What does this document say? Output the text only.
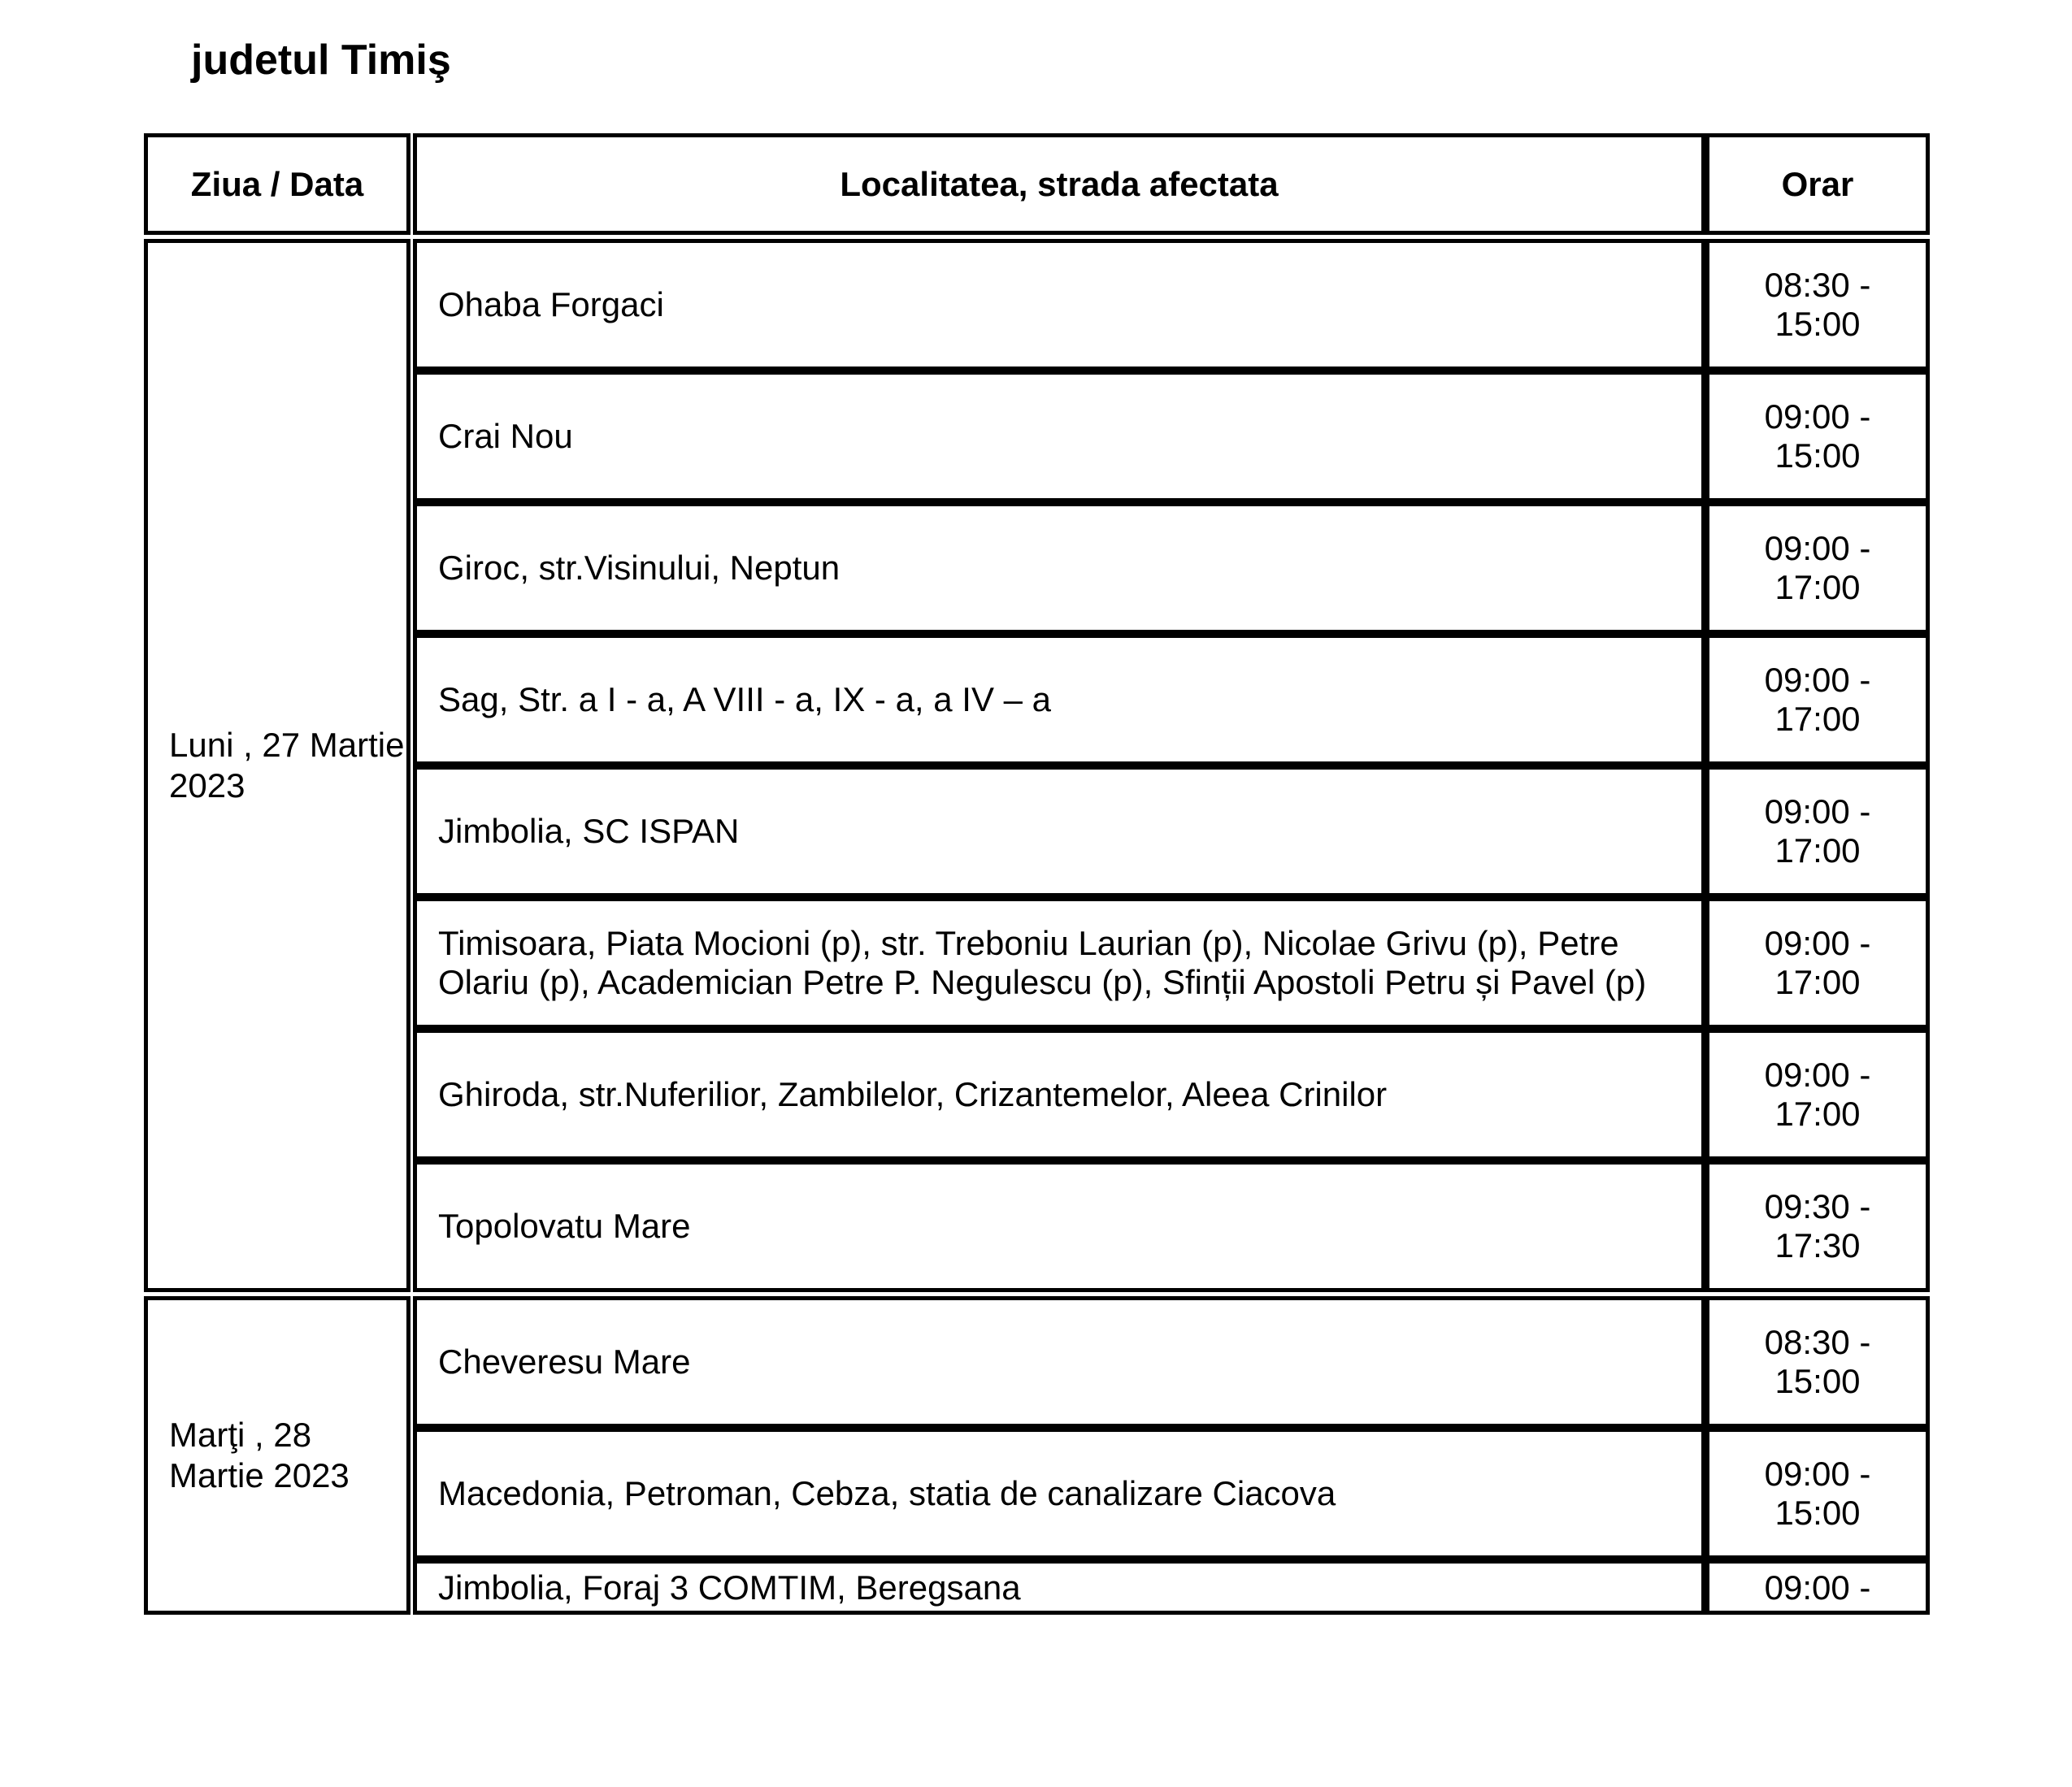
judetul Timiş
Ziua / Data	Localitatea, strada afectata	Orar
Luni , 27 Martie 2023
Ohaba Forgaci	08:30 - 15:00

Crai Nou	09:00 - 15:00

Giroc, str.Visinului, Neptun	09:00 - 17:00

Sag, Str. a I - a, A VIII - a, IX - a, a IV – a	09:00 - 17:00

Jimbolia, SC ISPAN	09:00 - 17:00

Timisoara, Piata Mocioni (p), str. Treboniu Laurian (p), Nicolae Grivu (p), Petre Olariu (p), Academician Petre P. Negulescu (p), Sfinții Apostoli Petru și Pavel (p)	09:00 - 17:00

Ghiroda, str.Nuferilior, Zambilelor, Crizantemelor, Aleea Crinilor	09:00 - 17:00

Topolovatu Mare	09:30 - 17:30
Marţi , 28 Martie 2023
Cheveresu Mare	08:30 - 15:00

Macedonia, Petroman, Cebza, statia de canalizare Ciacova	09:00 - 15:00

Jimbolia, Foraj 3 COMTIM, Beregsana	09:00 -
